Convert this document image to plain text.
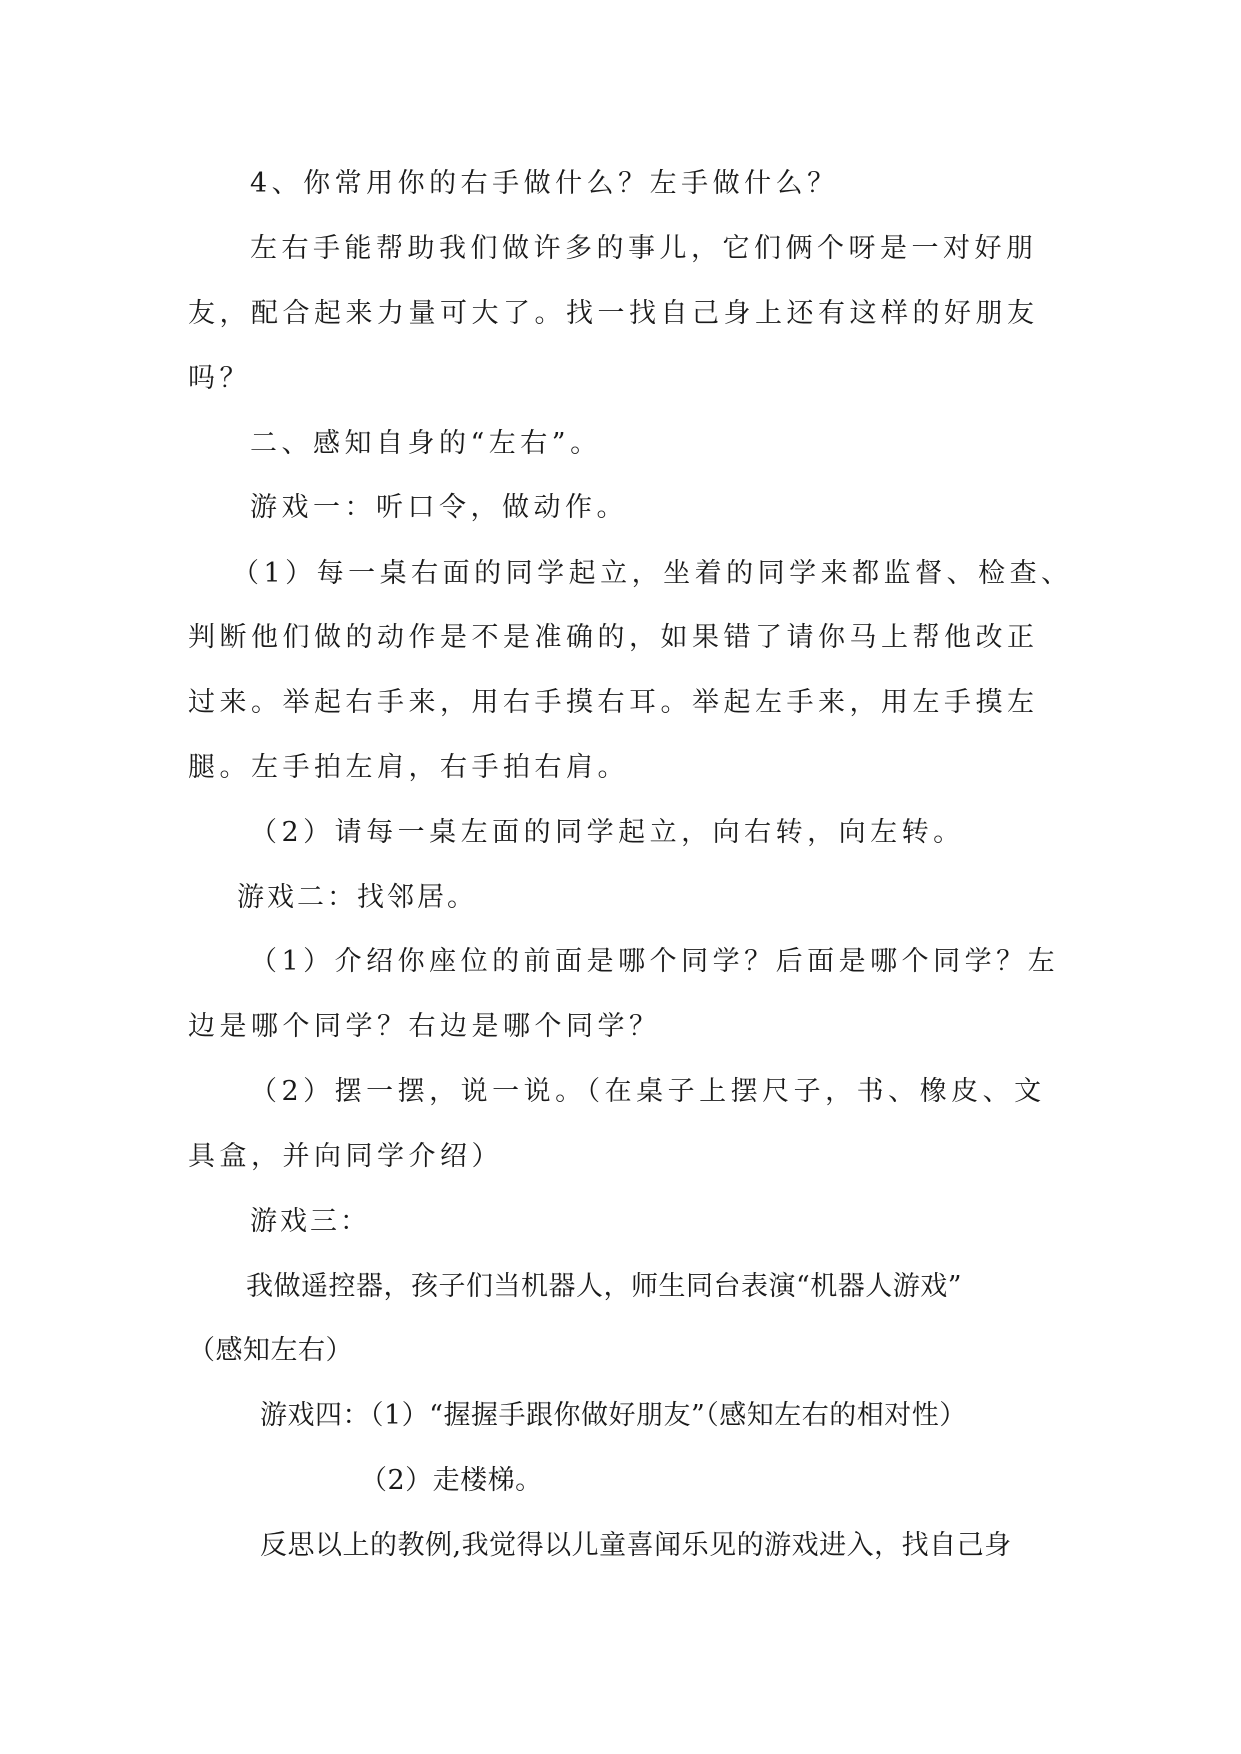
4、你常用你的右手做什么？左手做什么？
左右手能帮助我们做许多的事儿，它们俩个呀是一对好朋
友，配合起来力量可大了。找一找自己身上还有这样的好朋友
吗？
二、感知自身的“左右”。
游戏一：听口令，做动作。
（1）每一桌右面的同学起立，坐着的同学来都监督、检查、
判断他们做的动作是不是准确的，如果错了请你马上帮他改正
过来。举起右手来，用右手摸右耳。举起左手来，用左手摸左
腿。左手拍左肩，右手拍右肩。
（2）请每一桌左面的同学起立，向右转，向左转。
游戏二：找邻居。
（1）介绍你座位的前面是哪个同学？后面是哪个同学？左
边是哪个同学？右边是哪个同学？
（2）摆一摆，说一说。（在桌子上摆尺子，书、橡皮、文
具盒，并向同学介绍）
游戏三：
我做遥控器，孩子们当机器人，师生同台表演“机器人游戏”
（感知左右）
游戏四：（1）“握握手跟你做好朋友”（感知左右的相对性）
（2）走楼梯。
反思以上的教例,我觉得以儿童喜闻乐见的游戏进入，找自己身
